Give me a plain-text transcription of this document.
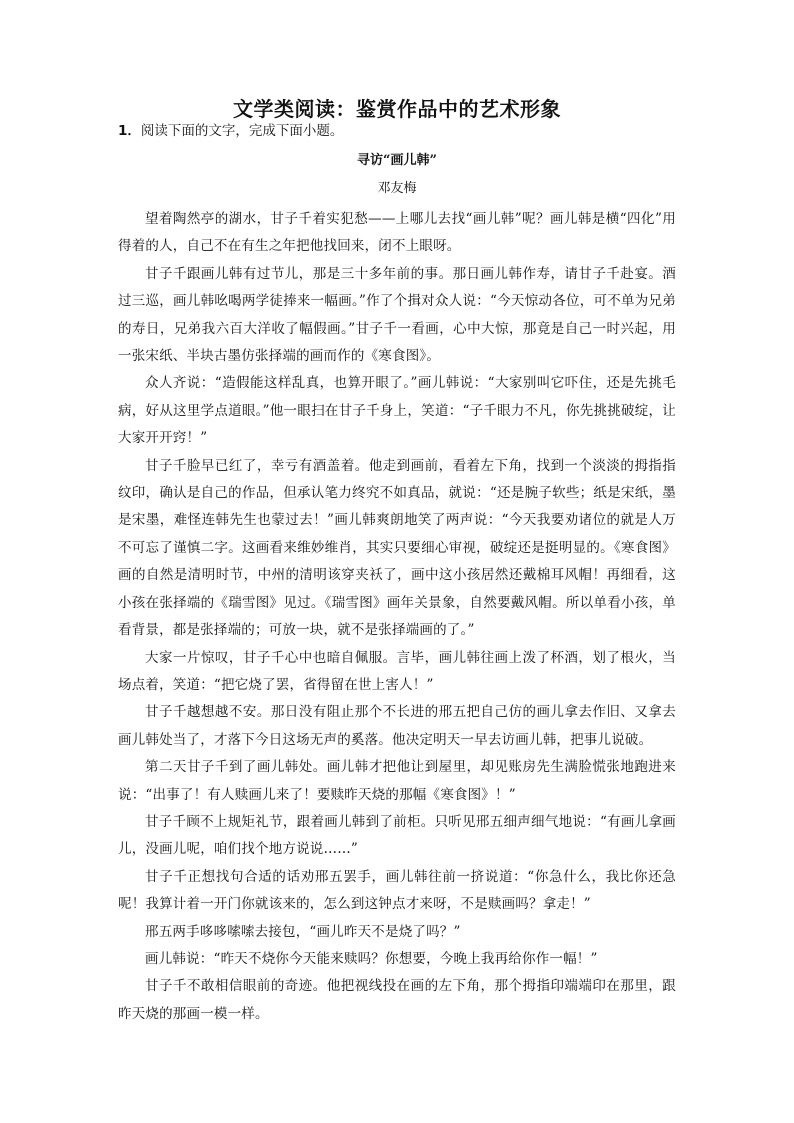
文学类阅读：鉴赏作品中的艺术形象
1．阅读下面的文字，完成下面小题。
寻访“画儿韩”
邓友梅

望着陶然亭的湖水，甘子千着实犯愁——上哪儿去找“画儿韩”呢？画儿韩是横“四化”用得着的人，自己不在有生之年把他找回来，闭不上眼呀。

甘子千跟画儿韩有过节儿，那是三十多年前的事。那日画儿韩作寿，请甘子千赴宴。酒过三巡，画儿韩吆喝两学徒捧来一幅画。”作了个揖对众人说：“今天惊动各位，可不单为兄弟的寿日，兄弟我六百大洋收了幅假画。”甘子千一看画，心中大惊，那竟是自己一时兴起，用一张宋纸、半块古墨仿张择端的画而作的《寒食图》。

众人齐说：“造假能这样乱真，也算开眼了。”画儿韩说：“大家别叫它吓住，还是先挑毛病，好从这里学点道眼。”他一眼扫在甘子千身上，笑道：“子千眼力不凡，你先挑挑破绽，让大家开开窍！”

甘子千脸早已红了，幸亏有酒盖着。他走到画前，看着左下角，找到一个淡淡的拇指指纹印，确认是自己的作品，但承认笔力终究不如真品，就说：“还是腕子软些；纸是宋纸，墨是宋墨，难怪连韩先生也蒙过去！”画儿韩爽朗地笑了两声说：“今天我要劝诸位的就是人万不可忘了谨慎二字。这画看来维妙维肖，其实只要细心审视，破绽还是挺明显的。《寒食图》画的自然是清明时节，中州的清明该穿夹袄了，画中这小孩居然还戴棉耳风帽！再细看，这小孩在张择端的《瑞雪图》见过。《瑞雪图》画年关景象，自然要戴风帽。所以单看小孩，单看背景，都是张择端的；可放一块，就不是张择端画的了。”

大家一片惊叹，甘子千心中也暗自佩服。言毕，画儿韩往画上泼了杯酒，划了根火，当场点着，笑道：“把它烧了罢，省得留在世上害人！”

甘子千越想越不安。那日没有阻止那个不长进的邢五把自己仿的画儿拿去作旧、又拿去画儿韩处当了，才落下今日这场无声的奚落。他决定明天一早去访画儿韩，把事儿说破。

第二天甘子千到了画儿韩处。画儿韩才把他让到屋里，却见账房先生满脸慌张地跑进来说：“出事了！有人赎画儿来了！要赎昨天烧的那幅《寒食图》！”

甘子千顾不上规矩礼节，跟着画儿韩到了前柜。只听见邢五细声细气地说：“有画儿拿画儿，没画儿呢，咱们找个地方说说……”

甘子千正想找句合适的话劝邢五罢手，画儿韩往前一挤说道：“你急什么，我比你还急呢！我算计着一开门你就该来的，怎么到这钟点才来呀，不是赎画吗？拿走！”

邢五两手哆哆嗦嗦去接包，“画儿昨天不是烧了吗？”

画儿韩说：“昨天不烧你今天能来赎吗？你想要，今晚上我再给你作一幅！”

甘子千不敢相信眼前的奇迹。他把视线投在画的左下角，那个拇指印端端印在那里，跟昨天烧的那画一模一样。
